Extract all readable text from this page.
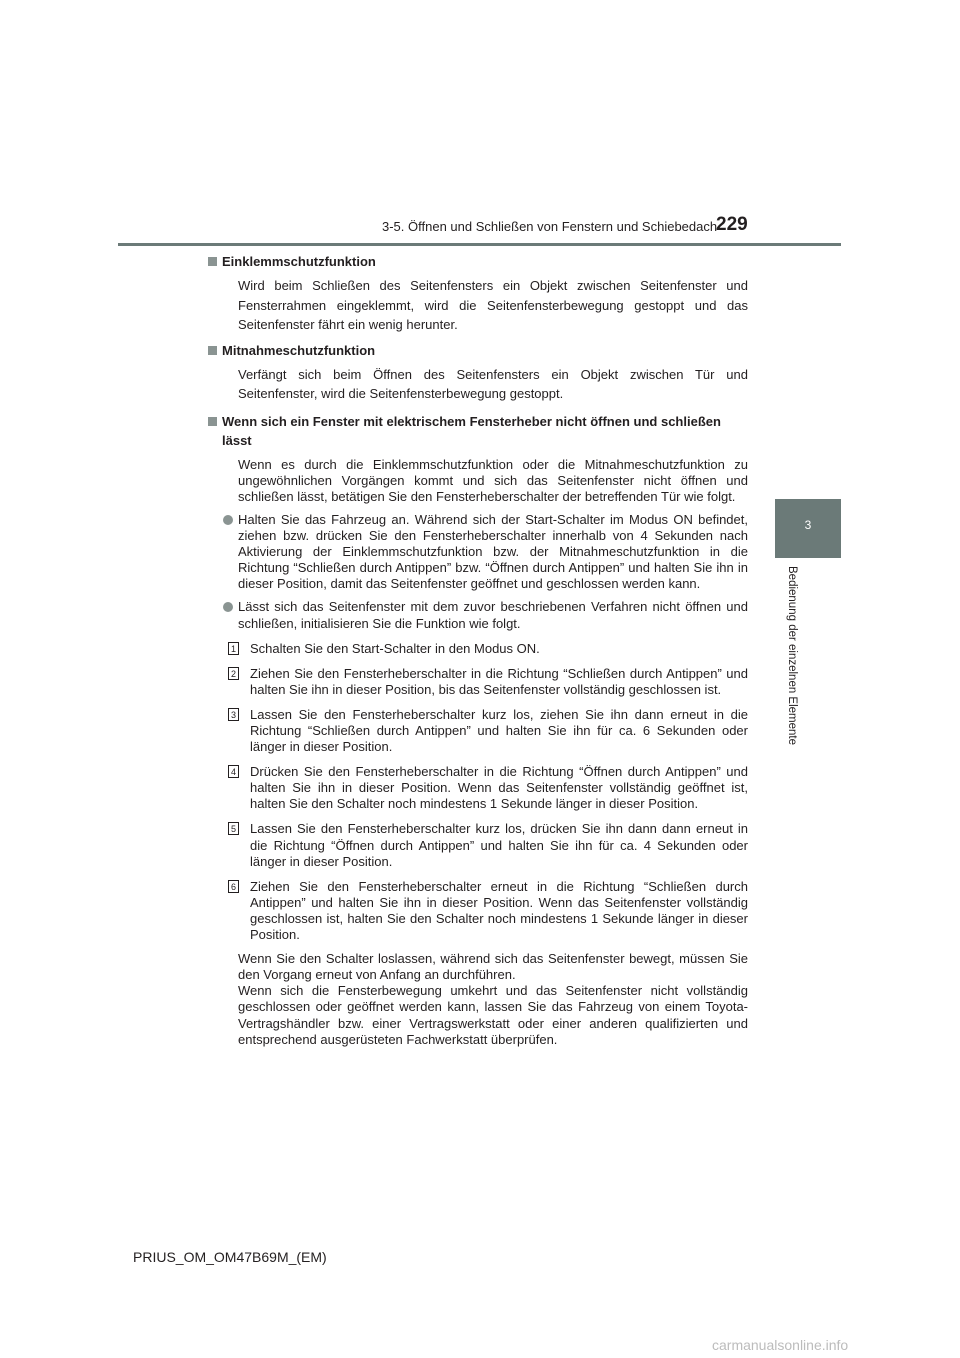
3-5. Öffnen und Schließen von Fenstern und Schiebedach
229
3
Bedienung der einzelnen Elemente
Einklemmschutzfunktion
Wird beim Schließen des Seitenfensters ein Objekt zwischen Seitenfenster und Fensterrahmen eingeklemmt, wird die Seitenfensterbewegung gestoppt und das Seitenfenster fährt ein wenig herunter.
Mitnahmeschutzfunktion
Verfängt sich beim Öffnen des Seitenfensters ein Objekt zwischen Tür und Seitenfenster, wird die Seitenfensterbewegung gestoppt.
Wenn sich ein Fenster mit elektrischem Fensterheber nicht öffnen und schließen lässt
Wenn es durch die Einklemmschutzfunktion oder die Mitnahmeschutzfunktion zu ungewöhnlichen Vorgängen kommt und sich das Seitenfenster nicht öffnen und schließen lässt, betätigen Sie den Fensterheberschalter der betreffenden Tür wie folgt.
Halten Sie das Fahrzeug an. Während sich der Start-Schalter im Modus ON befindet, ziehen bzw. drücken Sie den Fensterheberschalter innerhalb von 4 Sekunden nach Aktivierung der Einklemmschutzfunktion bzw. der Mitnahmeschutzfunktion in die Richtung “Schließen durch Antippen” bzw. “Öffnen durch Antippen” und halten Sie ihn in dieser Position, damit das Seitenfenster geöffnet und geschlossen werden kann.
Lässt sich das Seitenfenster mit dem zuvor beschriebenen Verfahren nicht öffnen und schließen, initialisieren Sie die Funktion wie folgt.
1 Schalten Sie den Start-Schalter in den Modus ON.
2 Ziehen Sie den Fensterheberschalter in die Richtung “Schließen durch Antippen” und halten Sie ihn in dieser Position, bis das Seitenfenster vollständig geschlossen ist.
3 Lassen Sie den Fensterheberschalter kurz los, ziehen Sie ihn dann erneut in die Richtung “Schließen durch Antippen” und halten Sie ihn für ca. 6 Sekunden oder länger in dieser Position.
4 Drücken Sie den Fensterheberschalter in die Richtung “Öffnen durch Antippen” und halten Sie ihn in dieser Position. Wenn das Seitenfenster vollständig geöffnet ist, halten Sie den Schalter noch mindestens 1 Sekunde länger in dieser Position.
5 Lassen Sie den Fensterheberschalter kurz los, drücken Sie ihn dann dann erneut in die Richtung “Öffnen durch Antippen” und halten Sie ihn für ca. 4 Sekunden oder länger in dieser Position.
6 Ziehen Sie den Fensterheberschalter erneut in die Richtung “Schließen durch Antippen” und halten Sie ihn in dieser Position. Wenn das Seitenfenster vollständig geschlossen ist, halten Sie den Schalter noch mindestens 1 Sekunde länger in dieser Position.
Wenn Sie den Schalter loslassen, während sich das Seitenfenster bewegt, müssen Sie den Vorgang erneut von Anfang an durchführen.
Wenn sich die Fensterbewegung umkehrt und das Seitenfenster nicht vollständig geschlossen oder geöffnet werden kann, lassen Sie das Fahrzeug von einem Toyota-Vertragshändler bzw. einer Vertragswerkstatt oder einer anderen qualifizierten und entsprechend ausgerüsteten Fachwerkstatt überprüfen.
PRIUS_OM_OM47B69M_(EM)
carmanualsonline.info
